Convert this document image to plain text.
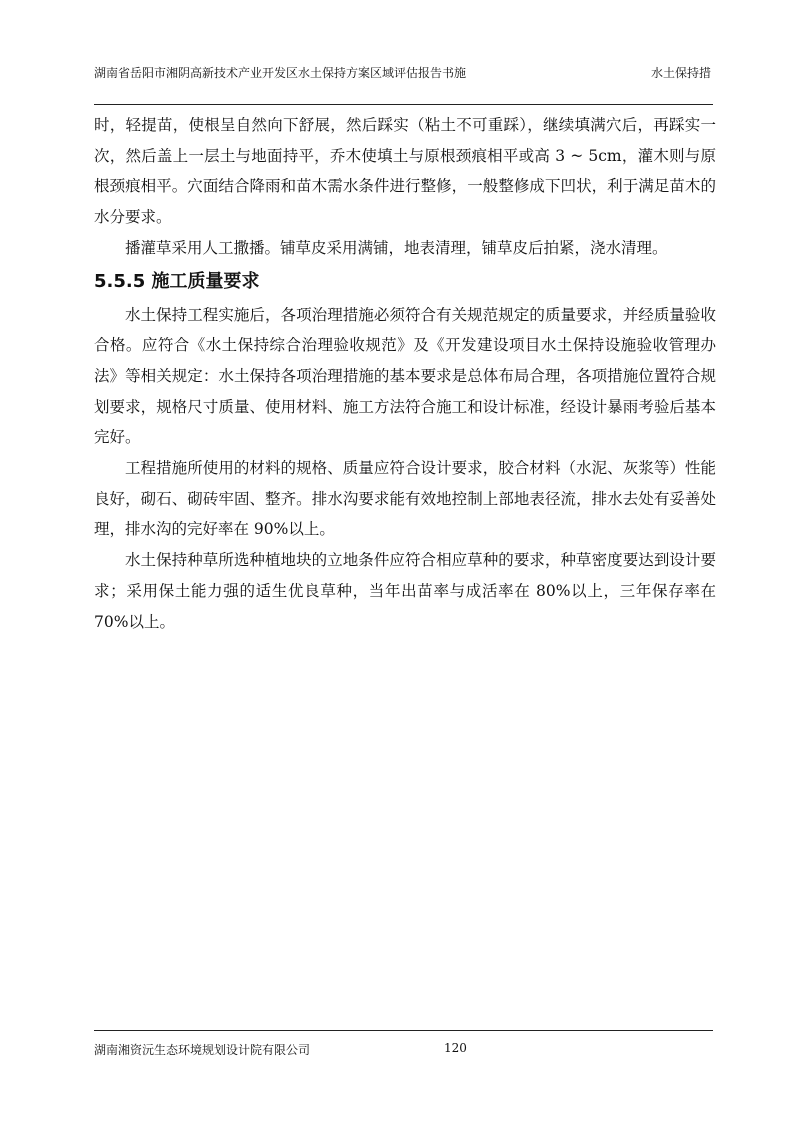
湖南省岳阳市湘阴高新技术产业开发区水土保持方案区域评估报告书施	水土保持措

时，轻提苗，使根呈自然向下舒展，然后踩实（粘土不可重踩），继续填满穴后，再踩实一次，然后盖上一层土与地面持平，乔木使填土与原根颈痕相平或高 3 ~ 5cm，灌木则与原根颈痕相平。穴面结合降雨和苗木需水条件进行整修，一般整修成下凹状，利于满足苗木的水分要求。

播灌草采用人工撒播。铺草皮采用满铺，地表清理，铺草皮后拍紧，浇水清理。

5.5.5 施工质量要求

水土保持工程实施后，各项治理措施必须符合有关规范规定的质量要求，并经质量验收合格。应符合《水土保持综合治理验收规范》及《开发建设项目水土保持设施验收管理办法》等相关规定：水土保持各项治理措施的基本要求是总体布局合理，各项措施位置符合规划要求，规格尺寸质量、使用材料、施工方法符合施工和设计标准，经设计暴雨考验后基本完好。

工程措施所使用的材料的规格、质量应符合设计要求，胶合材料（水泥、灰浆等）性能良好，砌石、砌砖牢固、整齐。排水沟要求能有效地控制上部地表径流，排水去处有妥善处理，排水沟的完好率在 90%以上。

水土保持种草所选种植地块的立地条件应符合相应草种的要求，种草密度要达到设计要求；采用保土能力强的适生优良草种，当年出苗率与成活率在 80%以上，三年保存率在 70%以上。

湖南湘资沅生态环境规划设计院有限公司	120
